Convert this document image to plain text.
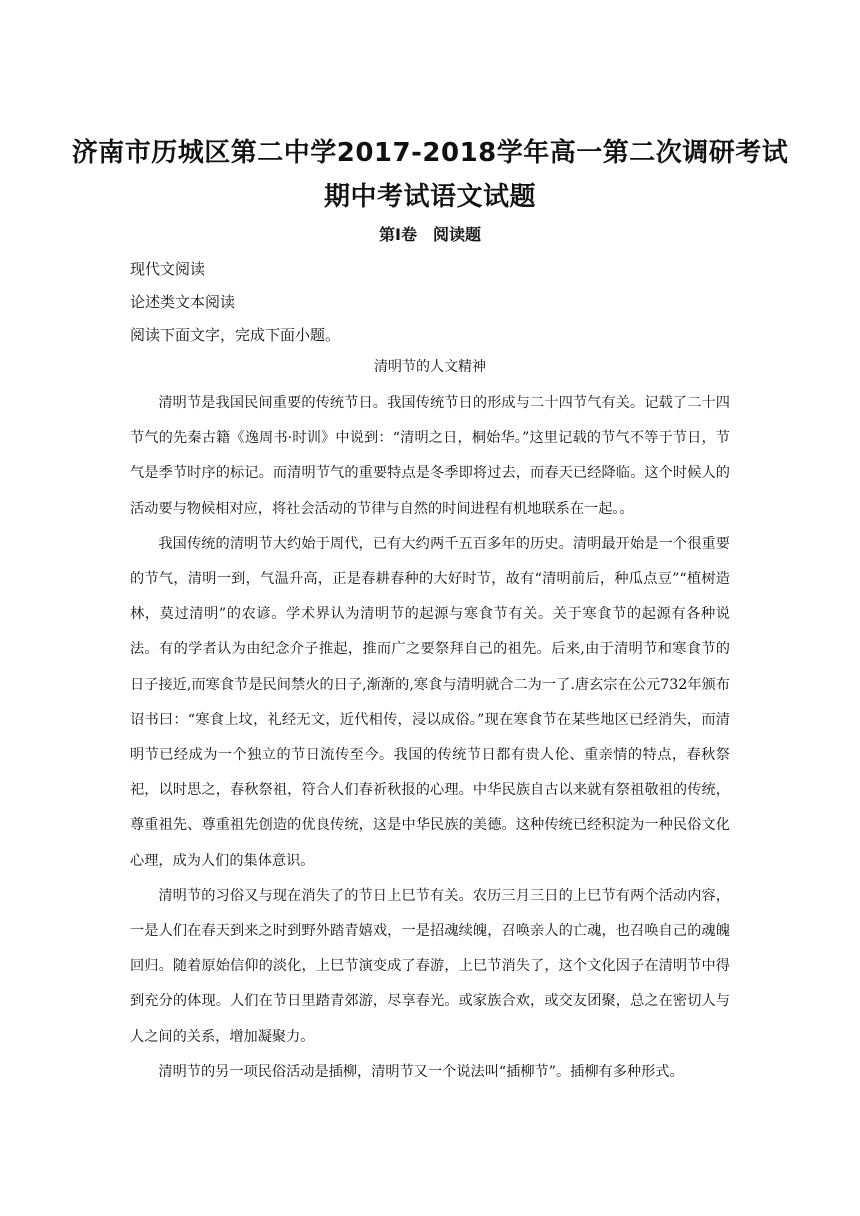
济南市历城区第二中学2017-2018学年高一第二次调研考试
期中考试语文试题
第Ⅰ卷　阅读题
现代文阅读
论述类文本阅读
阅读下面文字，完成下面小题。
清明节的人文精神

清明节是我国民间重要的传统节日。我国传统节日的形成与二十四节气有关。记载了二十四节气的先秦古籍《逸周书·时训》中说到：“清明之日，桐始华。”这里记载的节气不等于节日，节气是季节时序的标记。而清明节气的重要特点是冬季即将过去，而春天已经降临。这个时候人的活动要与物候相对应，将社会活动的节律与自然的时间进程有机地联系在一起。。

我国传统的清明节大约始于周代，已有大约两千五百多年的历史。清明最开始是一个很重要的节气，清明一到，气温升高，正是春耕春种的大好时节，故有“清明前后，种瓜点豆”“植树造林，莫过清明”的农谚。学术界认为清明节的起源与寒食节有关。关于寒食节的起源有各种说法。有的学者认为由纪念介子推起，推而广之要祭拜自己的祖先。后来,由于清明节和寒食节的日子接近,而寒食节是民间禁火的日子,渐渐的,寒食与清明就合二为一了.唐玄宗在公元732年颁布诏书曰：“寒食上坟，礼经无文，近代相传，浸以成俗。”现在寒食节在某些地区已经消失，而清明节已经成为一个独立的节日流传至今。我国的传统节日都有贵人伦、重亲情的特点，春秋祭祀，以时思之，春秋祭祖，符合人们春祈秋报的心理。中华民族自古以来就有祭祖敬祖的传统，尊重祖先、尊重祖先创造的优良传统，这是中华民族的美德。这种传统已经积淀为一种民俗文化心理，成为人们的集体意识。

清明节的习俗又与现在消失了的节日上巳节有关。农历三月三日的上巳节有两个活动内容，一是人们在春天到来之时到野外踏青嬉戏，一是招魂续魄，召唤亲人的亡魂，也召唤自己的魂魄回归。随着原始信仰的淡化，上巳节演变成了春游，上巳节消失了，这个文化因子在清明节中得到充分的体现。人们在节日里踏青郊游，尽享春光。或家族合欢，或交友团聚，总之在密切人与人之间的关系，增加凝聚力。

清明节的另一项民俗活动是插柳，清明节又一个说法叫“插柳节”。插柳有多种形式。
